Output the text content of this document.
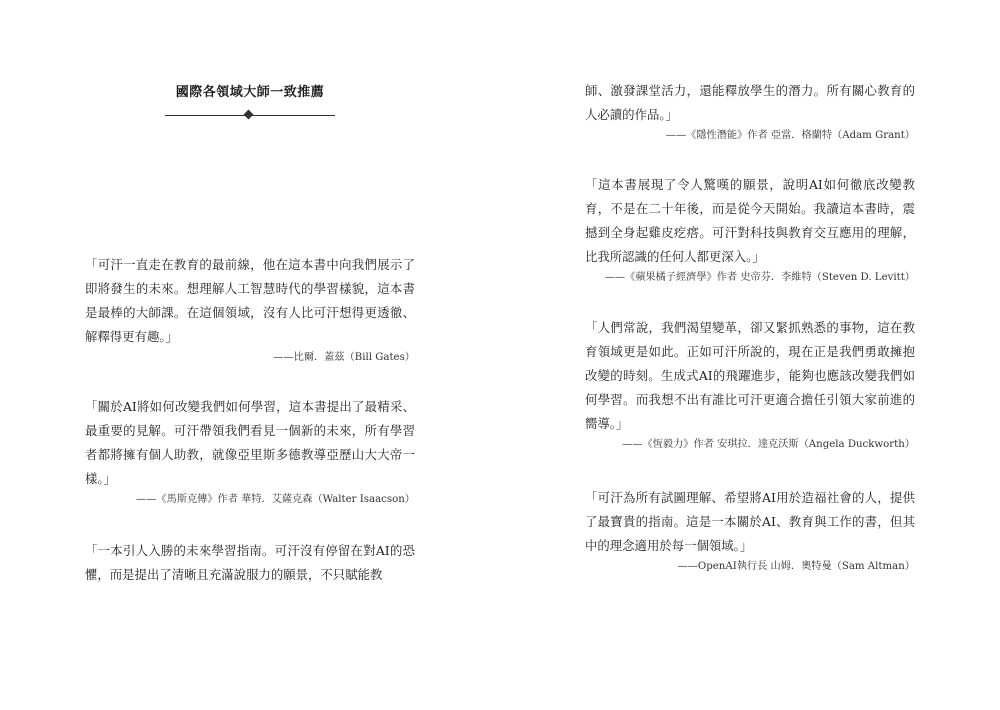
國際各領域大師一致推薦

「可汗一直走在教育的最前線，他在這本書中向我們展示了即將發生的未來。想理解人工智慧時代的學習樣貌，這本書是最棒的大師課。在這個領域，沒有人比可汗想得更透徹、解釋得更有趣。」

——比爾．蓋茲（Bill Gates）

「關於AI將如何改變我們如何學習，這本書提出了最精采、最重要的見解。可汗帶領我們看見一個新的未來，所有學習者都將擁有個人助教，就像亞里斯多德教導亞歷山大大帝一樣。」

——《馬斯克傳》作者 華特．艾薩克森（Walter Isaacson）

「一本引人入勝的未來學習指南。可汗沒有停留在對AI的恐懼，而是提出了清晰且充滿說服力的願景，不只賦能教

師、激發課堂活力，還能釋放學生的潛力。所有關心教育的人必讀的作品。」

——《隱性潛能》作者 亞當．格蘭特（Adam Grant）

「這本書展現了令人驚嘆的願景，說明AI如何徹底改變教育，不是在二十年後，而是從今天開始。我讀這本書時，震撼到全身起雞皮疙瘩。可汗對科技與教育交互應用的理解，比我所認識的任何人都更深入。」

——《蘋果橘子經濟學》作者 史帝芬．李維特（Steven D. Levitt）

「人們常說，我們渴望變革，卻又緊抓熟悉的事物，這在教育領域更是如此。正如可汗所說的，現在正是我們勇敢擁抱改變的時刻。生成式AI的飛躍進步，能夠也應該改變我們如何學習。而我想不出有誰比可汗更適合擔任引領大家前進的嚮導。」

——《恆毅力》作者 安琪拉．達克沃斯（Angela Duckworth）

「可汗為所有試圖理解、希望將AI用於造福社會的人，提供了最寶貴的指南。這是一本關於AI、教育與工作的書，但其中的理念適用於每一個領域。」

——OpenAI執行長 山姆．奧特曼（Sam Altman）
